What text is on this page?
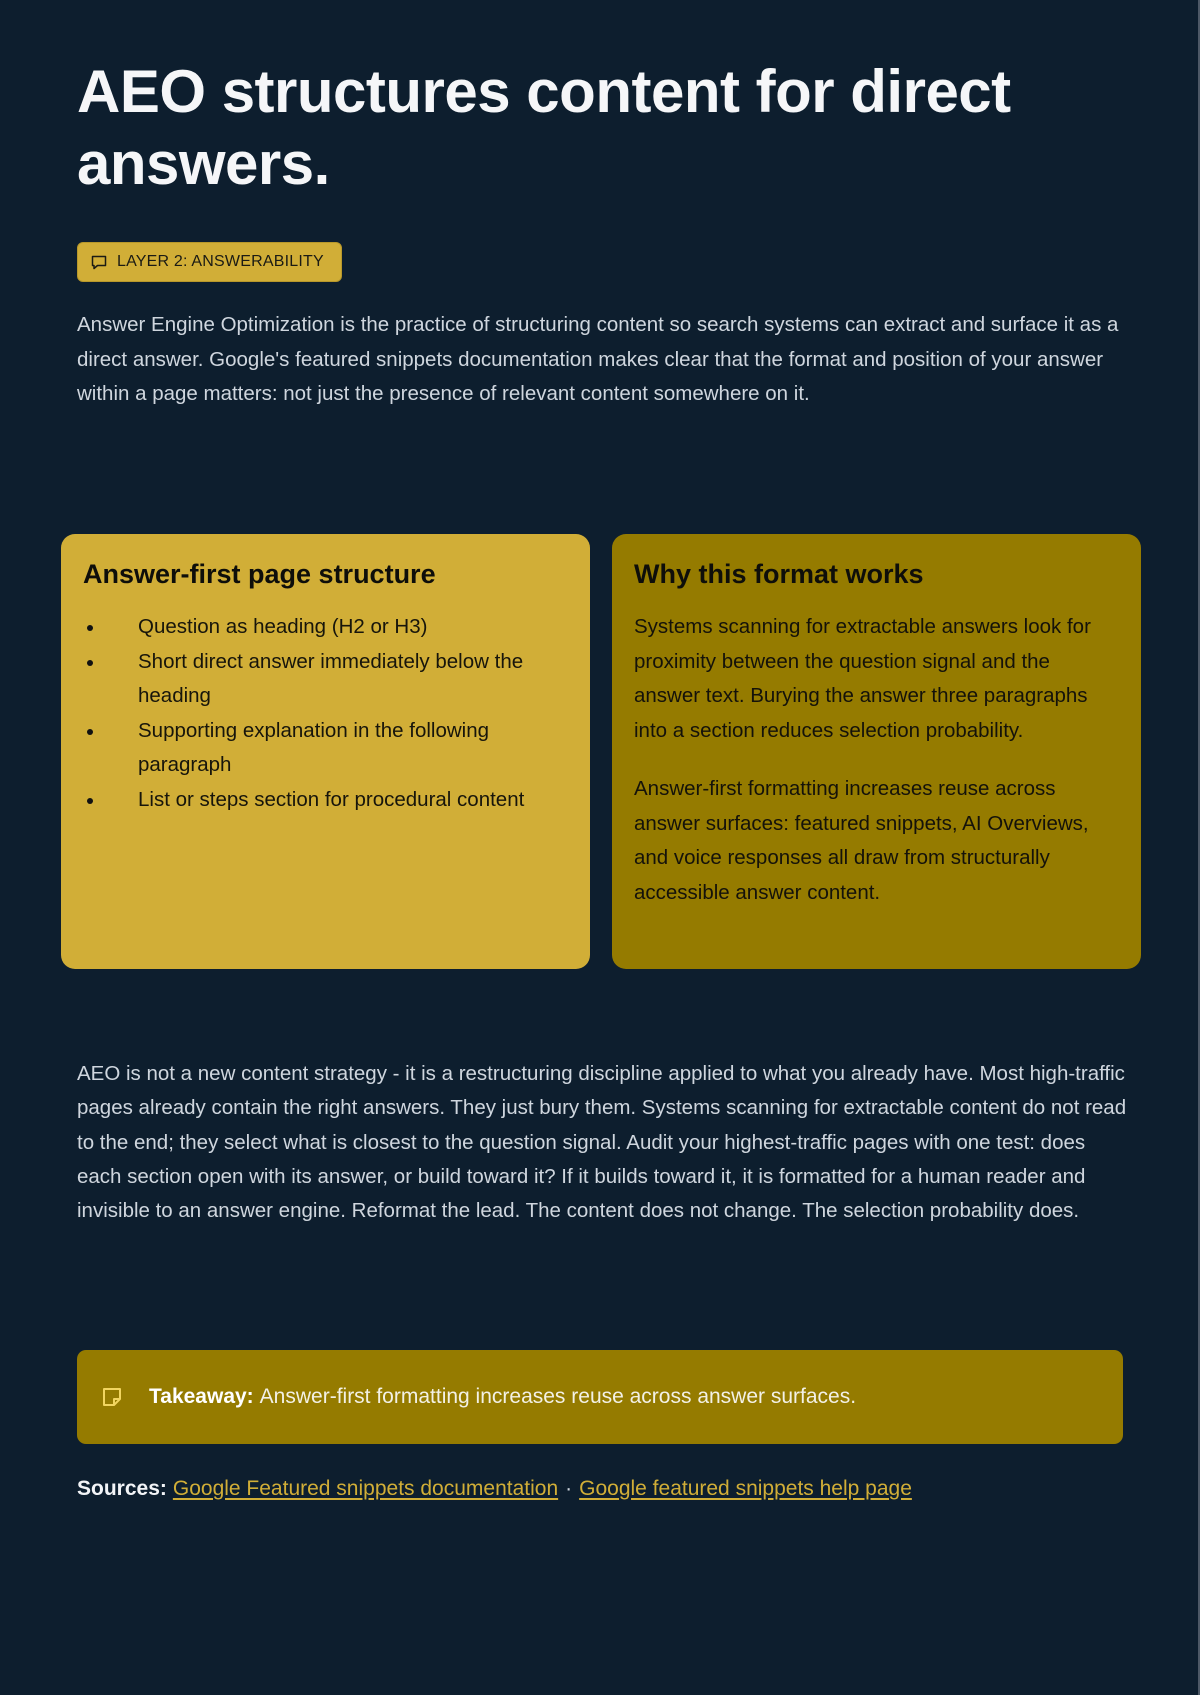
AEO structures content for direct answers.
LAYER 2: ANSWERABILITY

Answer Engine Optimization is the practice of structuring content so search systems can extract and surface it as a direct answer. Google's featured snippets documentation makes clear that the format and position of your answer within a page matters: not just the presence of relevant content somewhere on it.

Answer-first page structure
Question as heading (H2 or H3)
Short direct answer immediately below the heading
Supporting explanation in the following paragraph
List or steps section for procedural content
Why this format works

Systems scanning for extractable answers look for proximity between the question signal and the answer text. Burying the answer three paragraphs into a section reduces selection probability.

Answer-first formatting increases reuse across answer surfaces: featured snippets, AI Overviews, and voice responses all draw from structurally accessible answer content.

AEO is not a new content strategy - it is a restructuring discipline applied to what you already have. Most high-traffic pages already contain the right answers. They just bury them. Systems scanning for extractable content do not read to the end; they select what is closest to the question signal. Audit your highest-traffic pages with one test: does each section open with its answer, or build toward it? If it builds toward it, it is formatted for a human reader and invisible to an answer engine. Reformat the lead. The content does not change. The selection probability does.

Takeaway: Answer-first formatting increases reuse across answer surfaces.
Sources: Google Featured snippets documentation · Google featured snippets help page
